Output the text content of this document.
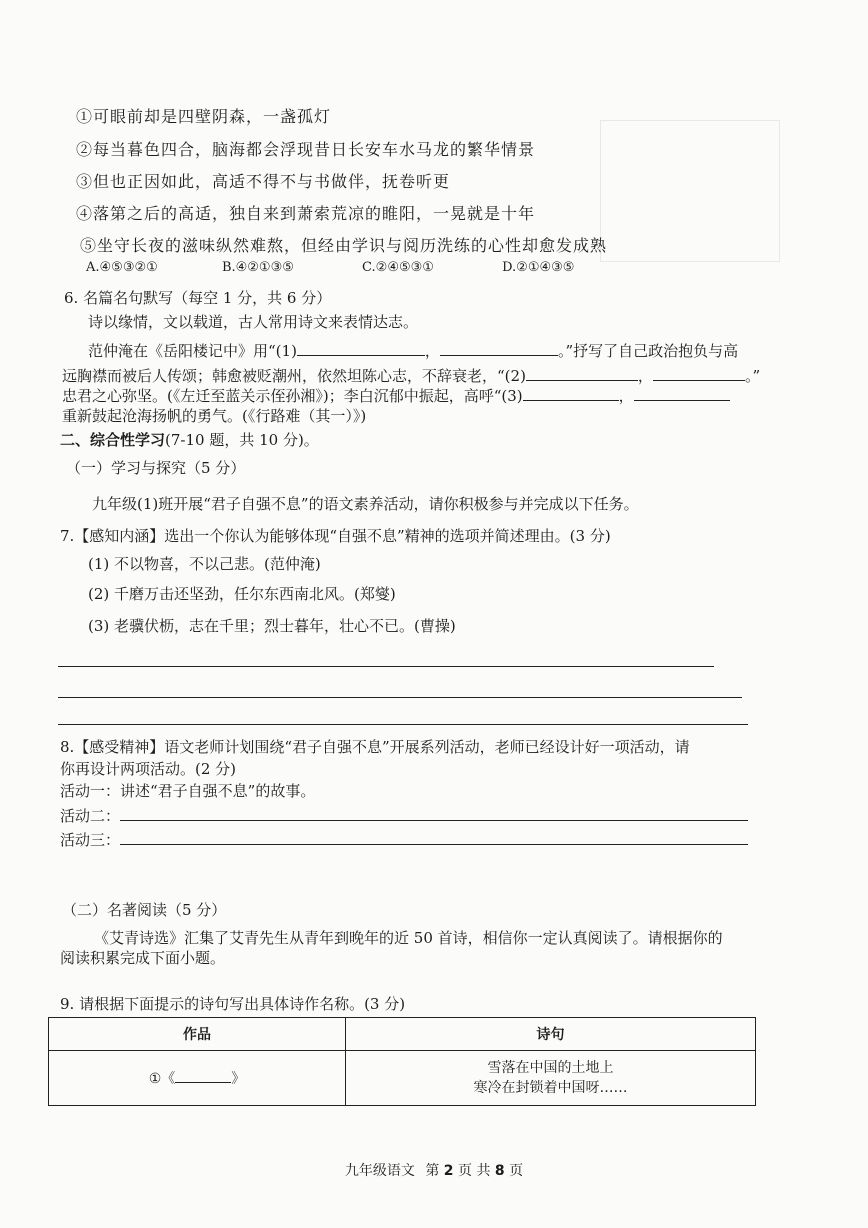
①可眼前却是四壁阴森，一盏孤灯
②每当暮色四合，脑海都会浮现昔日长安车水马龙的繁华情景
③但也正因如此，高适不得不与书做伴，抚卷听更
④落第之后的高适，独自来到萧索荒凉的睢阳，一晃就是十年
⑤坐守长夜的滋味纵然难熬，但经由学识与阅历洗练的心性却愈发成熟
A.④⑤③②①	B.④②①③⑤	C.②④⑤③①	D.②①④③⑤
6. 名篇名句默写（每空 1 分，共 6 分）
诗以缘情，文以载道，古人常用诗文来表情达志。
范仲淹在《岳阳楼记中》用“(1)	，	。”抒写了自己政治抱负与高
远胸襟而被后人传颂；韩愈被贬潮州，依然坦陈心志，不辞衰老，“(2)	，	。”
忠君之心弥坚。(《左迁至蓝关示侄孙湘》)；李白沉郁中振起，高呼“(3)	，
重新鼓起沧海扬帆的勇气。(《行路难（其一）》)
二、综合性学习(7-10 题，共 10 分)。
（一）学习与探究（5 分）
九年级(1)班开展“君子自强不息”的语文素养活动，请你积极参与并完成以下任务。
7.【感知内涵】选出一个你认为能够体现“自强不息”精神的选项并简述理由。(3 分)
(1) 不以物喜，不以己悲。(范仲淹)
(2) 千磨万击还坚劲，任尔东西南北风。(郑燮)
(3) 老骥伏枥，志在千里；烈士暮年，壮心不已。(曹操)
8.【感受精神】语文老师计划围绕“君子自强不息”开展系列活动，老师已经设计好一项活动，请
你再设计两项活动。(2 分)
活动一：讲述“君子自强不息”的故事。
活动二：
活动三：
（二）名著阅读（5 分）
《艾青诗选》汇集了艾青先生从青年到晚年的近 50 首诗，相信你一定认真阅读了。请根据你的
阅读积累完成下面小题。
9. 请根据下面提示的诗句写出具体诗作名称。(3 分)
作品	诗句
①《 》	雪落在中国的土地上
寒冷在封锁着中国呀……
九年级语文 第 2 页 共 8 页
